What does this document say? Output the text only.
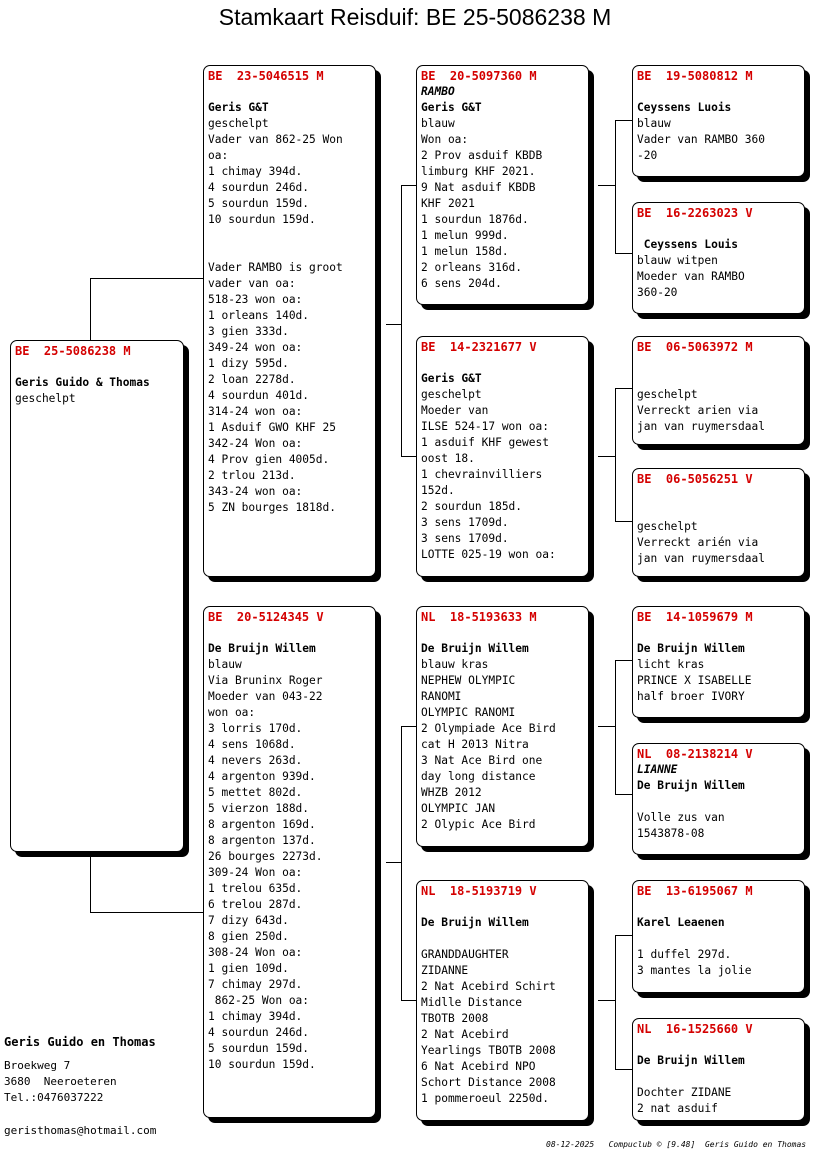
Stamkaart Reisduif: BE 25-5086238 M
BE  25-5086238 M
Geris Guido & Thomas
geschelpt
BE  23-5046515 M
Geris G&T
geschelpt
Vader van 862-25 Won
oa:
1 chimay 394d.
4 sourdun 246d.
5 sourdun 159d.
10 sourdun 159d.
Vader RAMBO is groot
vader van oa:
518-23 won oa:
1 orleans 140d.
3 gien 333d.
349-24 won oa:
1 dizy 595d.
2 loan 2278d.
4 sourdun 401d.
314-24 won oa:
1 Asduif GWO KHF 25
342-24 Won oa:
4 Prov gien 4005d.
2 trlou 213d.
343-24 won oa:
5 ZN bourges 1818d.
BE  20-5124345 V
De Bruijn Willem
blauw
Via Bruninx Roger
Moeder van 043-22
won oa:
3 lorris 170d.
4 sens 1068d.
4 nevers 263d.
4 argenton 939d.
5 mettet 802d.
5 vierzon 188d.
8 argenton 169d.
8 argenton 137d.
26 bourges 2273d.
309-24 Won oa:
1 trelou 635d.
6 trelou 287d.
7 dizy 643d.
8 gien 250d.
308-24 Won oa:
1 gien 109d.
7 chimay 297d.
862-25 Won oa:
1 chimay 394d.
4 sourdun 246d.
5 sourdun 159d.
10 sourdun 159d.
BE  20-5097360 M
RAMBO
Geris G&T
blauw
Won oa:
2 Prov asduif KBDB
limburg KHF 2021.
9 Nat asduif KBDB
KHF 2021
1 sourdun 1876d.
1 melun 999d.
1 melun 158d.
2 orleans 316d.
6 sens 204d.
BE  14-2321677 V
Geris G&T
geschelpt
Moeder van
ILSE 524-17 won oa:
1 asduif KHF gewest
oost 18.
1 chevrainvilliers
152d.
2 sourdun 185d.
3 sens 1709d.
3 sens 1709d.
LOTTE 025-19 won oa:
NL  18-5193633 M
De Bruijn Willem
blauw kras
NEPHEW OLYMPIC
RANOMI
OLYMPIC RANOMI
2 Olympiade Ace Bird
cat H 2013 Nitra
3 Nat Ace Bird one
day long distance
WHZB 2012
OLYMPIC JAN
2 Olypic Ace Bird
NL  18-5193719 V
De Bruijn Willem
GRANDDAUGHTER
ZIDANNE
2 Nat Acebird Schirt
Midlle Distance
TBOTB 2008
2 Nat Acebird
Yearlings TBOTB 2008
6 Nat Acebird NPO
Schort Distance 2008
1 pommeroeul 2250d.
BE  19-5080812 M
Ceyssens Luois
blauw
Vader van RAMBO 360
-20
BE  16-2263023 V
Ceyssens Louis
blauw witpen
Moeder van RAMBO
360-20
BE  06-5063972 M
geschelpt
Verreckt arien via
jan van ruymersdaal
BE  06-5056251 V
geschelpt
Verreckt arién via
jan van ruymersdaal
BE  14-1059679 M
De Bruijn Willem
licht kras
PRINCE X ISABELLE
half broer IVORY
NL  08-2138214 V
LIANNE
De Bruijn Willem
Volle zus van
1543878-08
BE  13-6195067 M
Karel Leaenen
1 duffel 297d.
3 mantes la jolie
NL  16-1525660 V
De Bruijn Willem
Dochter ZIDANE
2 nat asduif
Geris Guido en Thomas
Broekweg 7
3680  Neeroeteren
Tel.:0476037222
geristhomas@hotmail.com
08-12-2025   Compuclub © [9.48]  Geris Guido en Thomas
